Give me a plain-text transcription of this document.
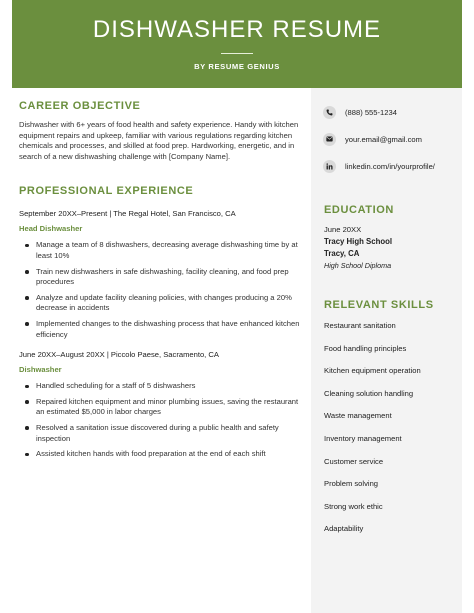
DISHWASHER RESUME
BY RESUME GENIUS
CAREER OBJECTIVE
Dishwasher with 6+ years of food health and safety experience. Handy with kitchen equipment repairs and upkeep, familiar with various regulations regarding kitchen chemicals and processes, and skilled at food prep. Hardworking, energetic, and in search of a new dishwashing challenge with [Company Name].
PROFESSIONAL EXPERIENCE
September 20XX–Present | The Regal Hotel, San Francisco, CA
Head Dishwasher
Manage a team of 8 dishwashers, decreasing average dishwashing time by at least 10%
Train new dishwashers in safe dishwashing, facility cleaning, and food prep procedures
Analyze and update facility cleaning policies, with changes producing a 20% decrease in accidents
Implemented changes to the dishwashing process that have enhanced kitchen efficiency
June 20XX–August 20XX | Piccolo Paese, Sacramento, CA
Dishwasher
Handled scheduling for a staff of 5 dishwashers
Repaired kitchen equipment and minor plumbing issues, saving the restaurant an estimated $5,000 in labor charges
Resolved a sanitation issue discovered during a public health and safety inspection
Assisted kitchen hands with food preparation at the end of each shift
(888) 555-1234
your.email@gmail.com
linkedin.com/in/yourprofile/
EDUCATION
June 20XX
Tracy High School
Tracy, CA
High School Diploma
RELEVANT SKILLS
Restaurant sanitation
Food handling principles
Kitchen equipment operation
Cleaning solution handling
Waste management
Inventory management
Customer service
Problem solving
Strong work ethic
Adaptability
